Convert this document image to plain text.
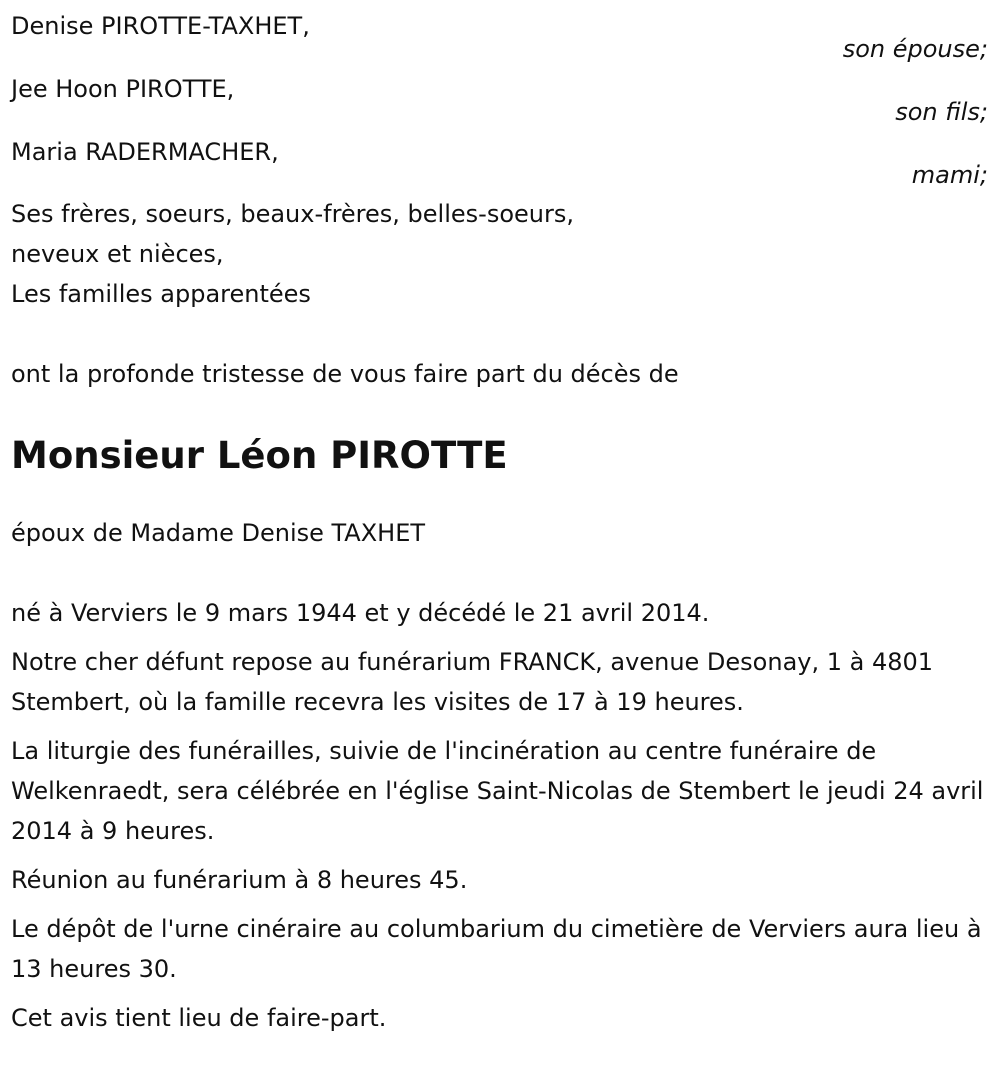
Denise PIROTTE-TAXHET,
son épouse;
Jee Hoon PIROTTE,
son fils;
Maria RADERMACHER,
mami;
Ses frères, soeurs, beaux-frères, belles-soeurs,
neveux et nièces,
Les familles apparentées
ont la profonde tristesse de vous faire part du décès de
Monsieur Léon PIROTTE
époux de Madame Denise TAXHET

né à Verviers le 9 mars 1944 et y décédé le 21 avril 2014.

Notre cher défunt repose au funérarium FRANCK, avenue Desonay, 1 à 4801 Stembert, où la famille recevra les visites de 17 à 19 heures.

La liturgie des funérailles, suivie de l'incinération au centre funéraire de Welkenraedt, sera célébrée en l'église Saint-Nicolas de Stembert le jeudi 24 avril 2014 à 9 heures.

Réunion au funérarium à 8 heures 45.

Le dépôt de l'urne cinéraire au columbarium du cimetière de Verviers aura lieu à 13 heures 30.

Cet avis tient lieu de faire-part.
